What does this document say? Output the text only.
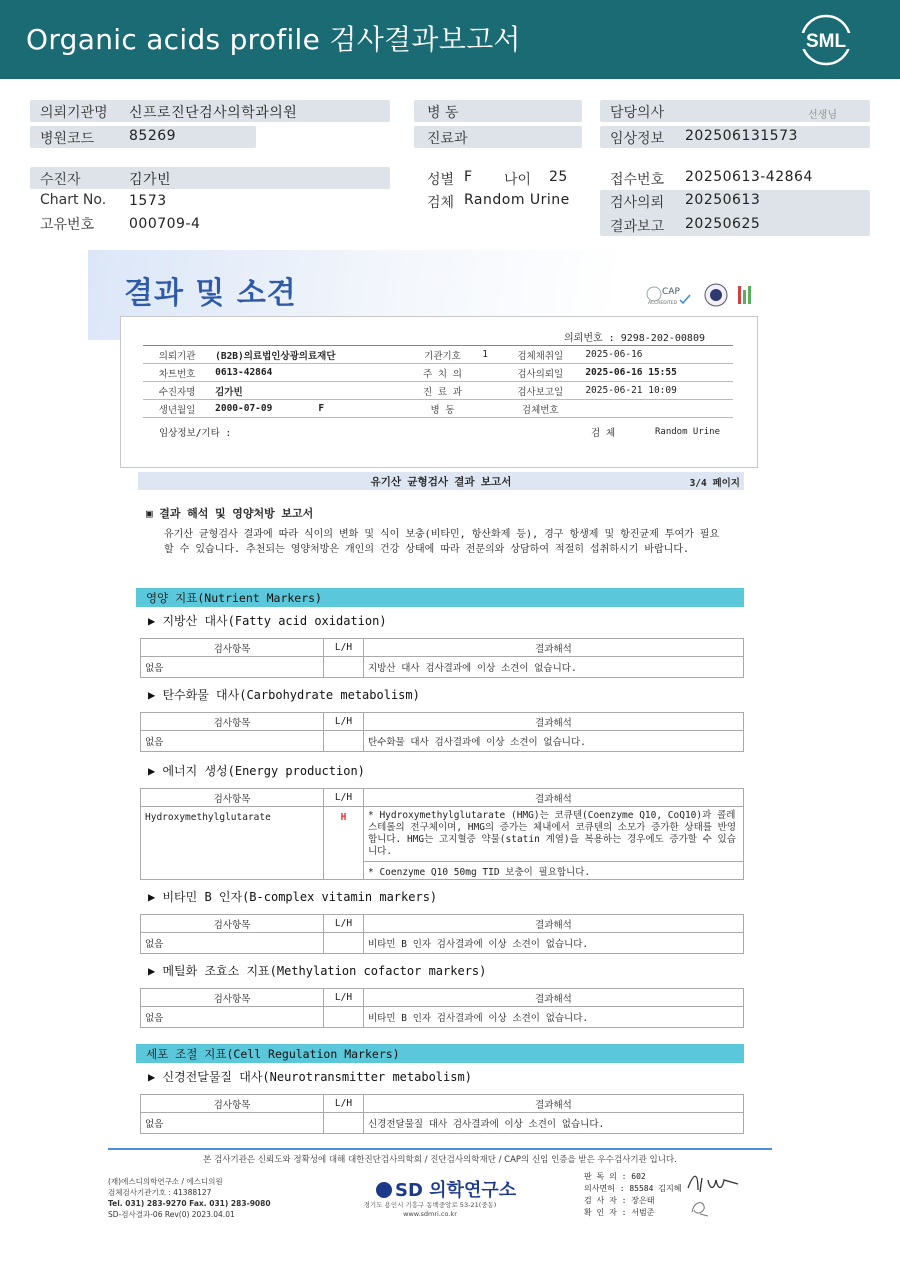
Organic acids profile 검사결과보고서	SML
의뢰기관명 신프로진단검사의학과의원
병원코드 85269
병 동
진료과
담당의사	선생님
임상정보 202506131573
수진자	김가빈
Chart No. 1573
고유번호 000709-4
성별 F 나이 25
검체 Random Urine
접수번호 20250613-42864
검사의뢰 20250613
결과보고 20250625
결과 및 소견	CAP
ACCREDITED
의뢰번호 : 9298-202-00809
의뢰기관	(B2B)의료법인상광의료재단	기관기호	1	검체채취일	2025-06-16
차트번호	0613-42864	주 치 의		검사의뢰일	2025-06-16 15:55
수진자명	김가빈	진 료 과		검사보고일	2025-06-21 10:09
생년월일	2000-07-09 F	병 동		검체번호	
임상정보/기타 :	검 체	Random Urine
유기산 균형검사 결과 보고서	3/4 페이지
▣ 결과 해석 및 영양처방 보고서
유기산 균형검사 결과에 따라 식이의 변화 및 식이 보충(비타민, 항산화제 등), 경구 항생제 및 항진균제 투여가 필요할 수 있습니다. 추천되는 영양처방은 개인의 건강 상태에 따라 전문의와 상담하여 적절히 섭취하시기 바랍니다.
영양 지표(Nutrient Markers)
세포 조절 지표(Cell Regulation Markers)
▶ 지방산 대사(Fatty acid oxidation)
검사항목	L/H	결과해석
없음		지방산 대사 검사결과에 이상 소견이 없습니다.
▶ 탄수화물 대사(Carbohydrate metabolism)
검사항목	L/H	결과해석
없음		탄수화물 대사 검사결과에 이상 소견이 없습니다.
▶ 에너지 생성(Energy production)
검사항목	L/H	결과해석
Hydroxymethylglutarate	H	* Hydroxymethylglutarate (HMG)는 코큐텐(Coenzyme Q10, CoQ10)과 콜레스테롤의 전구체이며, HMG의 증가는 체내에서 코큐텐의 소모가 증가한 상태를 반영합니다. HMG는 고지혈증 약물(statin 계열)을 복용하는 경우에도 증가할 수 있습니다.
		* Coenzyme Q10 50mg TID 보충이 필요합니다.
▶ 비타민 B 인자(B-complex vitamin markers)
검사항목	L/H	결과해석
없음		비타민 B 인자 검사결과에 이상 소견이 없습니다.
▶ 메틸화 조효소 지표(Methylation cofactor markers)
검사항목	L/H	결과해석
없음		비타민 B 인자 검사결과에 이상 소견이 없습니다.
▶ 신경전달물질 대사(Neurotransmitter metabolism)
검사항목	L/H	결과해석
없음		신경전달물질 대사 검사결과에 이상 소견이 없습니다.
본 검사기관은 신뢰도와 정확성에 대해 대한진단검사의학회 / 진단검사의학재단 / CAP의 신임 인증을 받은 우수검사기관 입니다.
(재)에스디의학연구소 / 에스디의원
검체검사기관기호 : 41388127
Tel. 031) 283-9270 Fax. 031) 283-9080
SD-검사결과-06 Rev(0) 2023.04.01
SD 의학연구소
경기도 용인시 기흥구 동백중앙로 53-21(중동)
www.sdmri.co.kr
판 독 의 : 602
의사면허 : 85584 김지혜
검 사 자 : 장은태
확 인 자 : 서범준
